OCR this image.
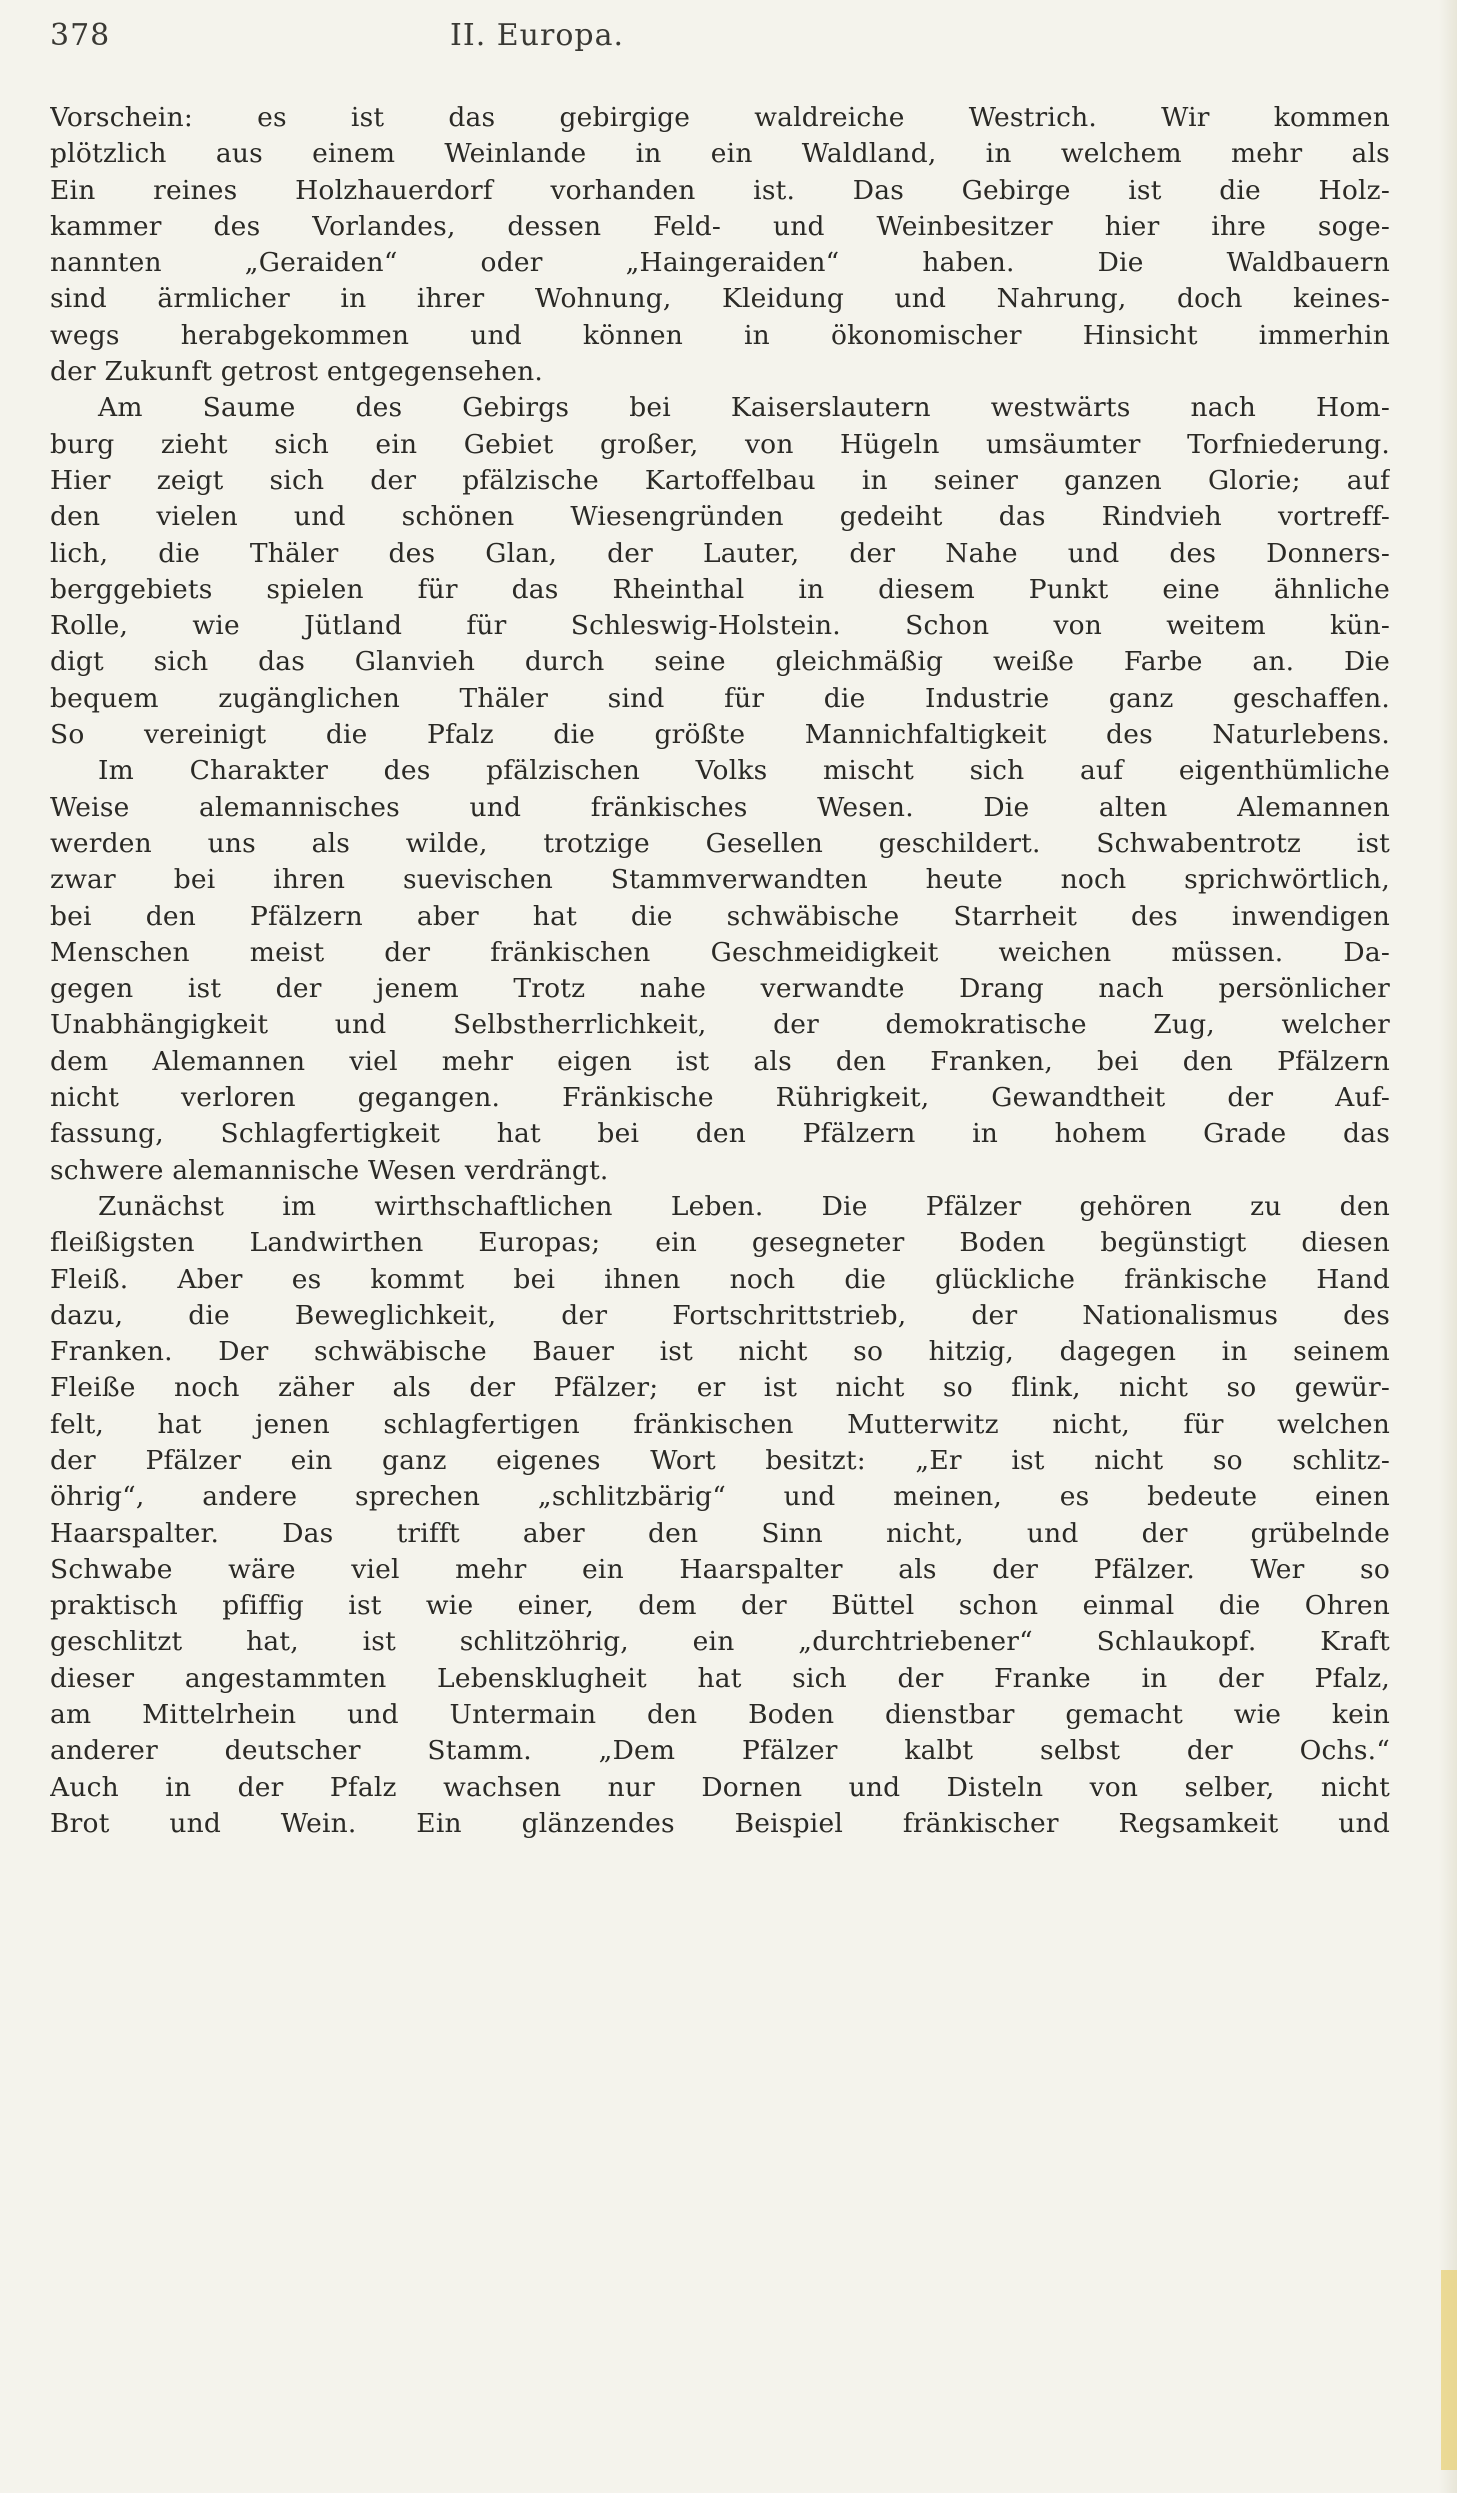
378	II. Europa.
Vorschein: es ist das gebirgige waldreiche Westrich. Wir kommen
plötzlich aus einem Weinlande in ein Waldland, in welchem mehr als
Ein reines Holzhauerdorf vorhanden ist. Das Gebirge ist die Holz-
kammer des Vorlandes, dessen Feld- und Weinbesitzer hier ihre soge-
nannten „Geraiden“ oder „Haingeraiden“ haben. Die Waldbauern
sind ärmlicher in ihrer Wohnung, Kleidung und Nahrung, doch keines-
wegs herabgekommen und können in ökonomischer Hinsicht immerhin
der Zukunft getrost entgegensehen.
Am Saume des Gebirgs bei Kaiserslautern westwärts nach Hom-
burg zieht sich ein Gebiet großer, von Hügeln umsäumter Torfniederung.
Hier zeigt sich der pfälzische Kartoffelbau in seiner ganzen Glorie; auf
den vielen und schönen Wiesengründen gedeiht das Rindvieh vortreff-
lich, die Thäler des Glan, der Lauter, der Nahe und des Donners-
berggebiets spielen für das Rheinthal in diesem Punkt eine ähnliche
Rolle, wie Jütland für Schleswig-Holstein. Schon von weitem kün-
digt sich das Glanvieh durch seine gleichmäßig weiße Farbe an. Die
bequem zugänglichen Thäler sind für die Industrie ganz geschaffen.
So vereinigt die Pfalz die größte Mannichfaltigkeit des Naturlebens.
Im Charakter des pfälzischen Volks mischt sich auf eigenthümliche
Weise alemannisches und fränkisches Wesen. Die alten Alemannen
werden uns als wilde, trotzige Gesellen geschildert. Schwabentrotz ist
zwar bei ihren suevischen Stammverwandten heute noch sprichwörtlich,
bei den Pfälzern aber hat die schwäbische Starrheit des inwendigen
Menschen meist der fränkischen Geschmeidigkeit weichen müssen. Da-
gegen ist der jenem Trotz nahe verwandte Drang nach persönlicher
Unabhängigkeit und Selbstherrlichkeit, der demokratische Zug, welcher
dem Alemannen viel mehr eigen ist als den Franken, bei den Pfälzern
nicht verloren gegangen. Fränkische Rührigkeit, Gewandtheit der Auf-
fassung, Schlagfertigkeit hat bei den Pfälzern in hohem Grade das
schwere alemannische Wesen verdrängt.
Zunächst im wirthschaftlichen Leben. Die Pfälzer gehören zu den
fleißigsten Landwirthen Europas; ein gesegneter Boden begünstigt diesen
Fleiß. Aber es kommt bei ihnen noch die glückliche fränkische Hand
dazu, die Beweglichkeit, der Fortschrittstrieb, der Nationalismus des
Franken. Der schwäbische Bauer ist nicht so hitzig, dagegen in seinem
Fleiße noch zäher als der Pfälzer; er ist nicht so flink, nicht so gewür-
felt, hat jenen schlagfertigen fränkischen Mutterwitz nicht, für welchen
der Pfälzer ein ganz eigenes Wort besitzt: „Er ist nicht so schlitz-
öhrig“, andere sprechen „schlitzbärig“ und meinen, es bedeute einen
Haarspalter. Das trifft aber den Sinn nicht, und der grübelnde
Schwabe wäre viel mehr ein Haarspalter als der Pfälzer. Wer so
praktisch pfiffig ist wie einer, dem der Büttel schon einmal die Ohren
geschlitzt hat, ist schlitzöhrig, ein „durchtriebener“ Schlaukopf. Kraft
dieser angestammten Lebensklugheit hat sich der Franke in der Pfalz,
am Mittelrhein und Untermain den Boden dienstbar gemacht wie kein
anderer deutscher Stamm. „Dem Pfälzer kalbt selbst der Ochs.“
Auch in der Pfalz wachsen nur Dornen und Disteln von selber, nicht
Brot und Wein. Ein glänzendes Beispiel fränkischer Regsamkeit und
